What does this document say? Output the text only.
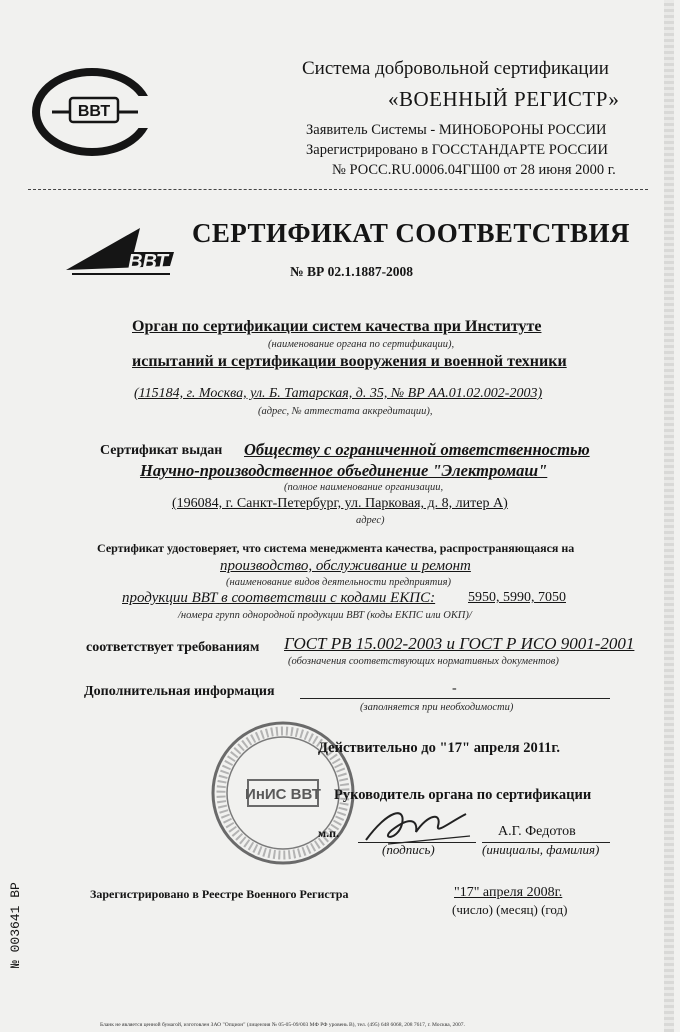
ВВТ
Система добровольной сертификации
«ВОЕННЫЙ РЕГИСТР»
Заявитель Системы - МИНОБОРОНЫ РОССИИ
Зарегистрировано в ГОССТАНДАРТЕ РОССИИ
№ РОСС.RU.0006.04ГШ00 от 28 июня 2000 г.
ВВТ
СЕРТИФИКАТ СООТВЕТСТВИЯ
№ ВР 02.1.1887-2008
Орган по сертификации систем качества при Институте
(наименование органа по сертификации),
испытаний и сертификации вооружения и военной техники
(115184, г. Москва, ул. Б. Татарская, д. 35, № ВР АА.01.02.002-2003)
(адрес, № аттестата аккредитации),
Сертификат выдан Обществу с ограниченной ответственностью
Научно-производственное объединение "Электромаш"
(полное наименование организации,
(196084, г. Санкт-Петербург, ул. Парковая, д. 8, литер А)
адрес)
Сертификат удостоверяет, что система менеджмента качества, распространяющаяся на
производство, обслуживание и ремонт
(наименование видов деятельности предприятия)
продукции ВВТ в соответствии с кодами ЕКПС: 5950, 5990, 7050
/номера групп однородной продукции ВВТ (коды ЕКПС или ОКП)/
соответствует требованиям ГОСТ РВ 15.002-2003 и ГОСТ Р ИСО 9001-2001
(обозначения соответствующих нормативных документов)
Дополнительная информация	-
(заполняется при необходимости)
ИнИС ВВТ
Действительно до "17" апреля 2011г.
Руководитель органа по сертификации
м.п.
(подпись)
А.Г. Федотов
(инициалы, фамилия)
Зарегистрировано в Реестре Военного Регистра	"17" апреля 2008г.
(число) (месяц) (год)
№ 003641 ВР
Бланк не является ценной бумагой, изготовлен ЗАО "Опцион" (лицензия № 05-05-09/003 МФ РФ уровень В), тел. (495) 648 6068, 208 7617, г. Москва, 2007.
